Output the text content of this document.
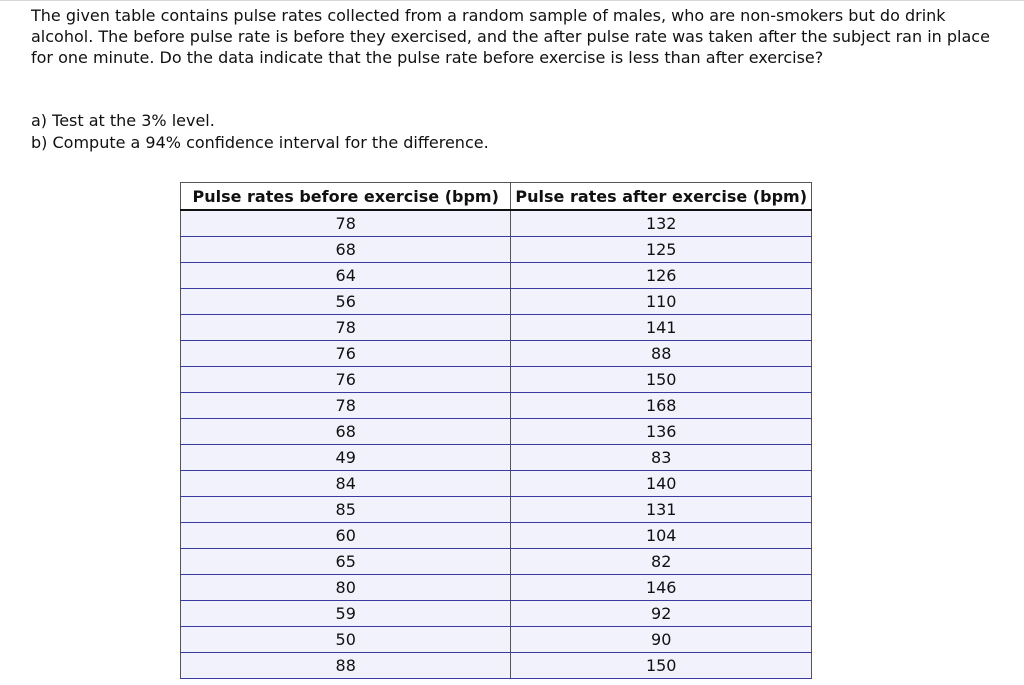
The given table contains pulse rates collected from a random sample of males, who are non-smokers but do drink alcohol. The before pulse rate is before they exercised, and the after pulse rate was taken after the subject ran in place for one minute. Do the data indicate that the pulse rate before exercise is less than after exercise?

a) Test at the 3% level.
b) Compute a 94% confidence interval for the difference.
Pulse rates before exercise (bpm)	Pulse rates after exercise (bpm)
78	132
68	125
64	126
56	110
78	141
76	88
76	150
78	168
68	136
49	83
84	140
85	131
60	104
65	82
80	146
59	92
50	90
88	150
